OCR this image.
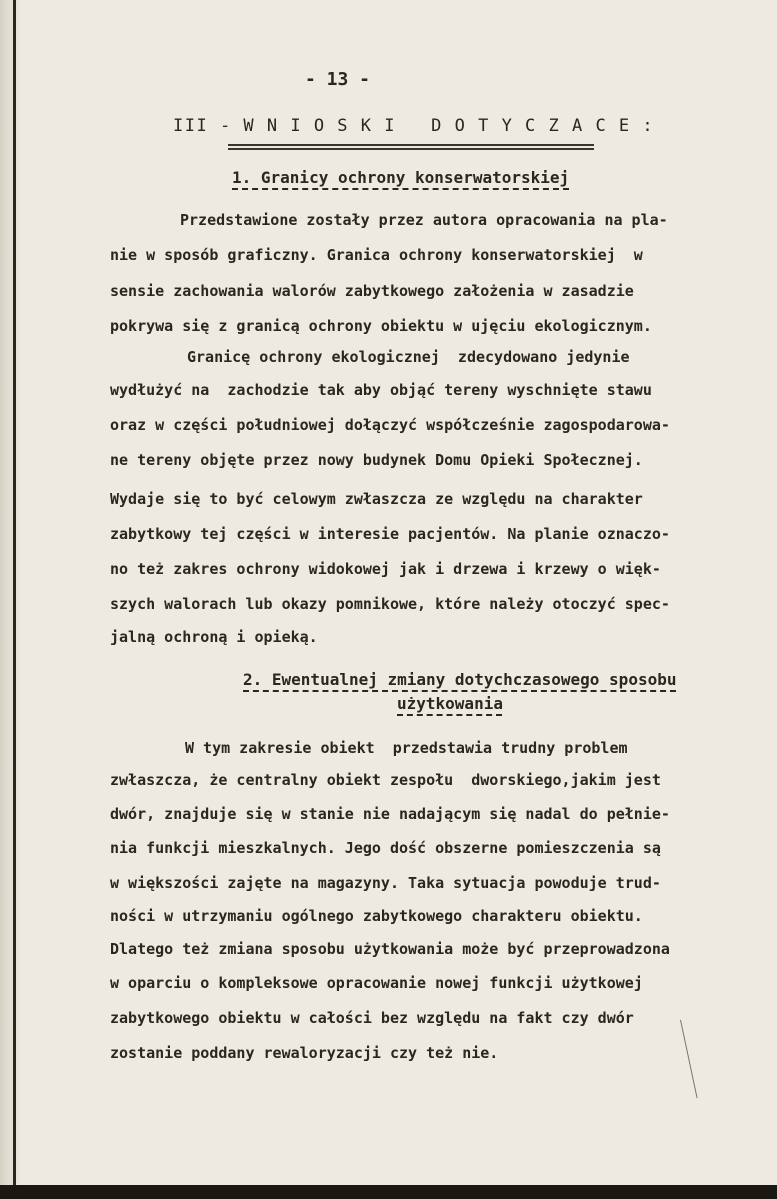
- 13 -
III - W N I O S K I   D O T Y C Z A C E :
1. Granicy ochrony konserwatorskiej
Przedstawione zostały przez autora opracowania na pla-
nie w sposób graficzny. Granica ochrony konserwatorskiej  w
sensie zachowania walorów zabytkowego założenia w zasadzie
pokrywa się z granicą ochrony obiektu w ujęciu ekologicznym.
Granicę ochrony ekologicznej  zdecydowano jedynie
wydłużyć na  zachodzie tak aby objąć tereny wyschnięte stawu
oraz w części południowej dołączyć współcześnie zagospodarowa-
ne tereny objęte przez nowy budynek Domu Opieki Społecznej.
Wydaje się to być celowym zwłaszcza ze względu na charakter
zabytkowy tej części w interesie pacjentów. Na planie oznaczo-
no też zakres ochrony widokowej jak i drzewa i krzewy o więk-
szych walorach lub okazy pomnikowe, które należy otoczyć spec-
jalną ochroną i opieką.
2. Ewentualnej zmiany dotychczasowego sposobu
użytkowania
W tym zakresie obiekt  przedstawia trudny problem
zwłaszcza, że centralny obiekt zespołu  dworskiego,jakim jest
dwór, znajduje się w stanie nie nadającym się nadal do pełnie-
nia funkcji mieszkalnych. Jego dość obszerne pomieszczenia są
w większości zajęte na magazyny. Taka sytuacja powoduje trud-
ności w utrzymaniu ogólnego zabytkowego charakteru obiektu.
Dlatego też zmiana sposobu użytkowania może być przeprowadzona
w oparciu o kompleksowe opracowanie nowej funkcji użytkowej
zabytkowego obiektu w całości bez względu na fakt czy dwór
zostanie poddany rewaloryzacji czy też nie.
